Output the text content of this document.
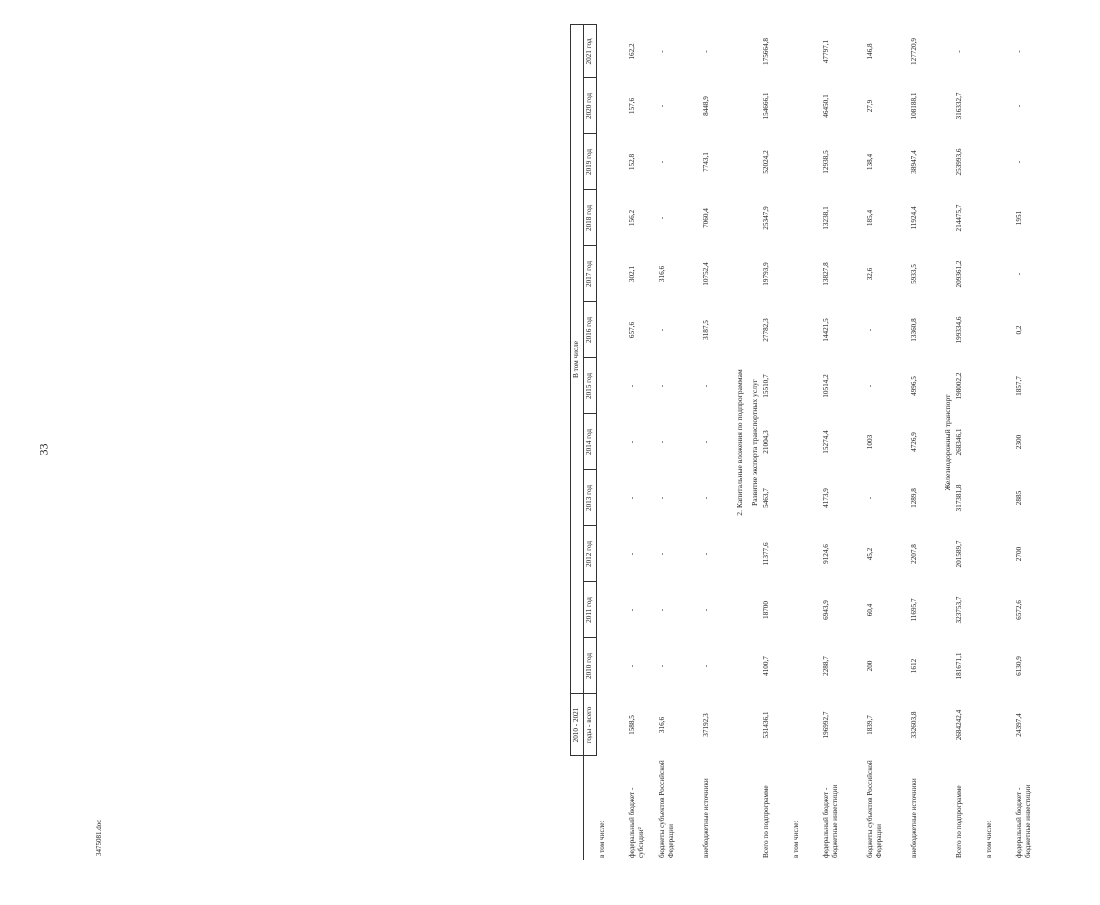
33
3475081.doc
	2010 - 2021	В том числе											
	годы - всего	2010 год	2011 год	2012 год	2013 год	2014 год	2015 год	2016 год	2017 год	2018 год	2019 год	2020 год	2021 год
в том числе:													
федеральный бюджет - субсидии²	1588,5	-	-	-	-	-	-	657,6	302,1	156,2	152,8	157,6	162,2
бюджеты субъектов Российской Федерации	316,6	-	-	-	-	-	-	-	316,6	-	-	-	-
внебюджетные источники	37192,3	-	-	-	-	-	-	3187,5	10752,4	7060,4	7743,1	8448,9	-
2. Капитальные вложения по подпрограммам													
Развитие экспорта транспортных услуг													
Всего по подпрограмме	531436,1	4100,7	18700	11377,6	5463,7	21004,3	15510,7	27782,3	19793,9	25347,9	52024,2	154666,1	175664,8
в том числе:													
федеральный бюджет - бюджетные инвестиции	196992,7	2288,7	6943,9	9124,6	4173,9	15274,4	10514,2	14421,5	13827,8	13238,1	12938,5	46450,1	47797,1
бюджеты субъектов Российской Федерации	1839,7	200	60,4	45,2	-	1003	-	-	32,6	185,4	138,4	27,9	146,8
внебюджетные источники	332603,8	1612	11695,7	2207,8	1289,8	4726,9	4996,5	13360,8	5933,5	11924,4	38947,4	108188,1	127720,9
Железнодорожный транспорт													
Всего по подпрограмме	2684242,4	181671,1	323753,7	201589,7	317381,8	268346,1	198002,2	199334,6	209361,2	214475,7	253993,6	316332,7	-
в том числе:													
федеральный бюджет - бюджетные инвестиции	24397,4	6130,9	6572,6	2700	2885	2300	1857,7	0,2	-	1951	-	-	-
